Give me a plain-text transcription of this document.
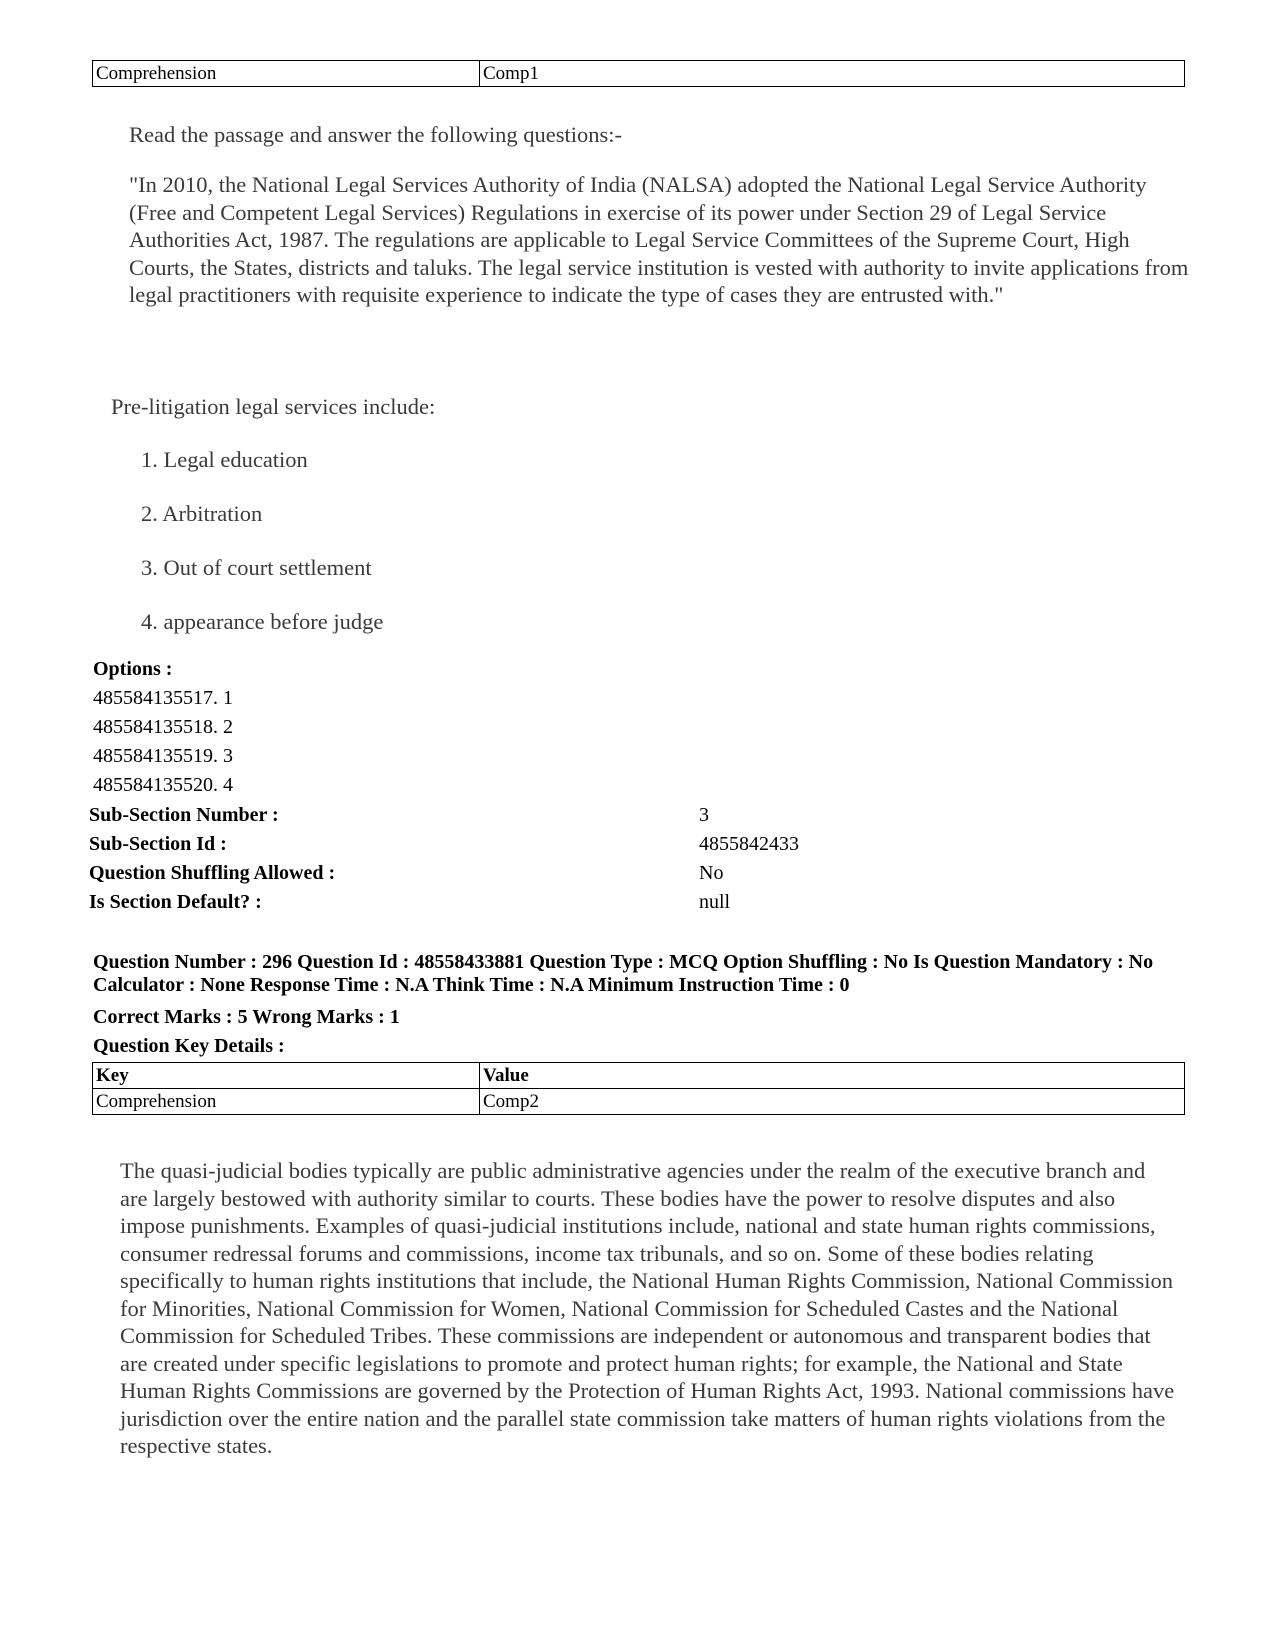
Comprehension	Comp1
Read the passage and answer the following questions:-
"In 2010, the National Legal Services Authority of India (NALSA) adopted the National Legal Service Authority (Free and Competent Legal Services) Regulations in exercise of its power under Section 29 of Legal Service Authorities Act, 1987. The regulations are applicable to Legal Service Committees of the Supreme Court, High Courts, the States, districts and taluks. The legal service institution is vested with authority to invite applications from legal practitioners with requisite experience to indicate the type of cases they are entrusted with."
Pre-litigation legal services include:
1. Legal education
2. Arbitration
3. Out of court settlement
4. appearance before judge
Options :
485584135517. 1
485584135518. 2
485584135519. 3
485584135520. 4
Sub-Section Number :	3
Sub-Section Id :	4855842433
Question Shuffling Allowed :	No
Is Section Default? :	null
Question Number : 296 Question Id : 48558433881 Question Type : MCQ Option Shuffling : No Is Question Mandatory : No Calculator : None Response Time : N.A Think Time : N.A Minimum Instruction Time : 0
Correct Marks : 5 Wrong Marks : 1
Question Key Details :
Key	Value
Comprehension	Comp2
The quasi-judicial bodies typically are public administrative agencies under the realm of the executive branch and are largely bestowed with authority similar to courts. These bodies have the power to resolve disputes and also impose punishments. Examples of quasi-judicial institutions include, national and state human rights commissions, consumer redressal forums and commissions, income tax tribunals, and so on. Some of these bodies relating specifically to human rights institutions that include, the National Human Rights Commission, National Commission for Minorities, National Commission for Women, National Commission for Scheduled Castes and the National Commission for Scheduled Tribes. These commissions are independent or autonomous and transparent bodies that are created under specific legislations to promote and protect human rights; for example, the National and State Human Rights Commissions are governed by the Protection of Human Rights Act, 1993. National commissions have jurisdiction over the entire nation and the parallel state commission take matters of human rights violations from the respective states.
